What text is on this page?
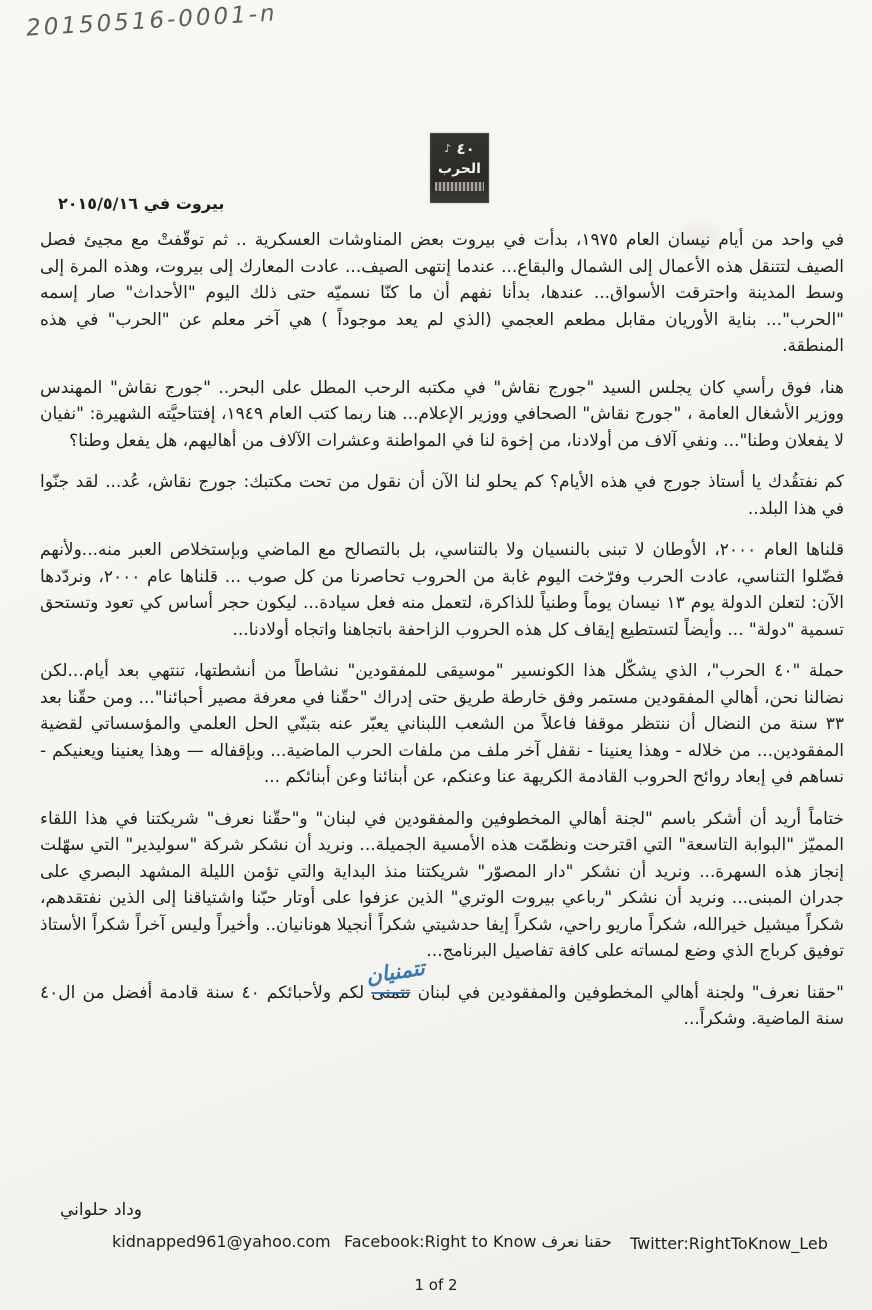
20150516-0001-n
♪ ٤٠
الحرب
بيروت في ٢٠١٥/٥/١٦

في واحد من أيام نيسان العام ١٩٧٥، بدأت في بيروت بعض المناوشات العسكرية .. ثم توقّفتْ مع مجيئ فصل الصيف لتتنقل هذه الأعمال إلى الشمال والبقاع... عندما إنتهى الصيف... عادت المعارك إلى بيروت، وهذه المرة إلى وسط المدينة واحترقت الأسواق... عندها، بدأنا نفهم أن ما كنّا نسميّه حتى ذلك اليوم "الأحداث" صار إسمه "الحرب"... بناية الأوريان مقابل مطعم العجمي (الذي لم يعد موجوداً ) هي آخر معلم عن "الحرب" في هذه المنطقة.

هنا، فوق رأسي كان يجلس السيد "جورج نقاش" في مكتبه الرحب المطل على البحر.. "جورج نقاش" المهندس ووزير الأشغال العامة ، "جورج نقاش" الصحافي ووزير الإعلام... هنا ربما كتب العام ١٩٤٩، إفتتاحيَّته الشهيرة: "نفيان لا يفعلان وطنا"... ونفي آلاف من أولادنا، من إخوة لنا في المواطنة وعشرات الآلاف من أهاليهم، هل يفعل وطنا؟

كم نفتقُدك يا أستاذ جورج في هذه الأيام؟ كم يحلو لنا الآن أن نقول من تحت مكتبك: جورج نقاش، عُد... لقد جنّوا في هذا البلد..

قلناها العام ٢٠٠٠، الأوطان لا تبنى بالنسيان ولا بالتناسي، بل بالتصالح مع الماضي وبإستخلاص العبر منه...ولأنهم فضّلوا التناسي، عادت الحرب وفرّخت اليوم غابة من الحروب تحاصرنا من كل صوب ... قلناها عام ٢٠٠٠، ونردّدها الآن: لتعلن الدولة يوم ١٣ نيسان يوماً وطنياً للذاكرة، لتعمل منه فعل سيادة... ليكون حجر أساس كي تعود وتستحق تسمية "دولة" ... وأيضاً لتستطيع إيقاف كل هذه الحروب الزاحفة باتجاهنا واتجاه أولادنا...

حملة "٤٠ الحرب"، الذي يشكّل هذا الكونسير "موسيقى للمفقودين" نشاطاً من أنشطتها، تنتهي بعد أيام...لكن نضالنا نحن، أهالي المفقودين مستمر وفق خارطة طريق حتى إدراك "حقّنا في معرفة مصير أحبائنا"... ومن حقّنا بعد ٣٣ سنة من النضال أن ننتظر موقفا فاعلاً من الشعب اللبناني يعبّر عنه بتبنّي الحل العلمي والمؤسساتي لقضية المفقودين... من خلاله - وهذا يعنينا - نقفل آخر ملف من ملفات الحرب الماضية... وبإقفاله — وهذا يعنينا ويعنيكم - نساهم في إبعاد روائح الحروب القادمة الكريهة عنا وعنكم، عن أبنائنا وعن أبنائكم ...

ختاماً أريد أن أشكر باسم "لجنة أهالي المخطوفين والمفقودين في لبنان" و"حقّنا نعرف" شريكتنا في هذا اللقاء المميّز "البوابة التاسعة" التي اقترحت ونظمّت هذه الأمسية الجميلة... ونريد أن نشكر شركة "سوليدير" التي سهّلت إنجاز هذه السهرة... ونريد أن نشكر "دار المصوّر" شريكتنا منذ البداية والتي تؤمن الليلة المشهد البصري على جدران المبنى... ونريد أن نشكر "رباعي بيروت الوتري" الذين عزفوا على أوتار حبّنا واشتياقنا إلى الذين نفتقدهم، شكراً ميشيل خيرالله، شكراً ماريو راحي، شكراً إيفا حدشيتي شكراً أنجيلا هونانيان.. وأخيراً وليس آخراً شكراً الأستاذ توفيق كرباج الذي وضع لمساته على كافة تفاصيل البرنامج...

"حقنا نعرف" ولجنة أهالي المخطوفين والمفقودين في لبنان
تتمنيان
تتمنى لكم ولأحبائكم ٤٠ سنة قادمة أفضل من ال٤٠ سنة الماضية. وشكراً...

وداد حلواني
kidnapped961@yahoo.com Facebook:Right to Know حقنا نعرف Twitter:RightToKnow_Leb
1 of 2
